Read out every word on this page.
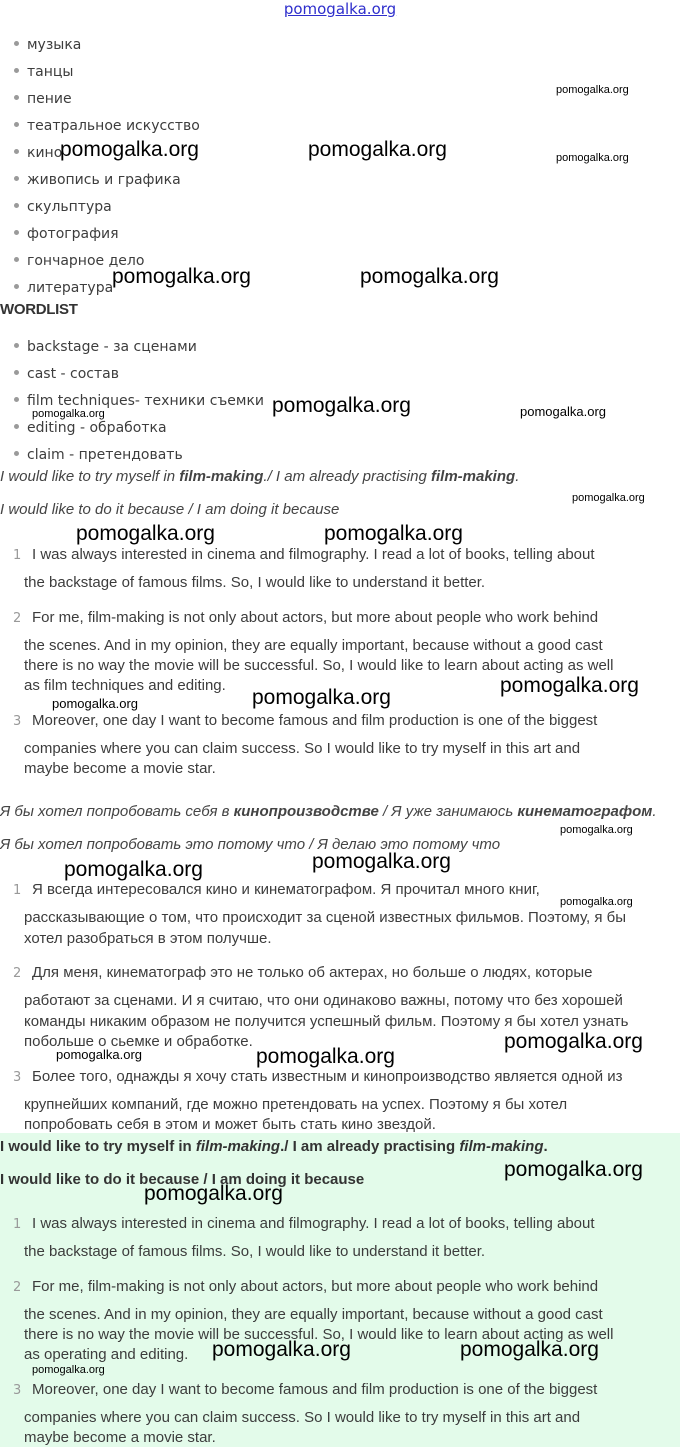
pomogalka.org
музыка
танцы
пение
театральное искусство
кино
живопись и графика
скульптура
фотография
гончарное дело
литература
WORDLIST
backstage - за сценами
cast - состав
film techniques- техники съемки
editing - обработка
claim - претендовать
I would like to try myself in film-making./ I am already practising film-making.
I would like to do it because / I am doing it because
1 I was always interested in cinema and filmography. I read a lot of books, telling about
the backstage of famous films. So, I would like to understand it better.
2 For me, film-making is not only about actors, but more about people who work behind
the scenes. And in my opinion, they are equally important, because without a good cast
there is no way the movie will be successful. So, I would like to learn about acting as well
as film techniques and editing.
3 Moreover, one day I want to become famous and film production is one of the biggest
companies where you can claim success. So I would like to try myself in this art and
maybe become a movie star.
Я бы хотел попробовать себя в кинопроизводстве / Я уже занимаюсь кинематографом.
Я бы хотел попробовать это потому что / Я делаю это потому что
1 Я всегда интересовался кино и кинематографом. Я прочитал много книг,
рассказывающие о том, что происходит за сценой известных фильмов. Поэтому, я бы
хотел разобраться в этом получше.
2 Для меня, кинематограф это не только об актерах, но больше о людях, которые
работают за сценами. И я считаю, что они одинаково важны, потому что без хорошей
команды никаким образом не получится успешный фильм. Поэтому я бы хотел узнать
побольше о сьемке и обработке.
3 Более того, однажды я хочу стать известным и кинопроизводство является одной из
крупнейших компаний, где можно претендовать на успех. Поэтому я бы хотел
попробовать себя в этом и может быть стать кино звездой.
I would like to try myself in film-making./ I am already practising film-making.
I would like to do it because / I am doing it because
1 I was always interested in cinema and filmography. I read a lot of books, telling about
the backstage of famous films. So, I would like to understand it better.
2 For me, film-making is not only about actors, but more about people who work behind
the scenes. And in my opinion, they are equally important, because without a good cast
there is no way the movie will be successful. So, I would like to learn about acting as well
as operating and editing.
3 Moreover, one day I want to become famous and film production is one of the biggest
companies where you can claim success. So I would like to try myself in this art and
maybe become a movie star.
pomogalka.org
pomogalka.org	pomogalka.org	pomogalka.org
pomogalka.org	pomogalka.org
pomogalka.org	pomogalka.org	pomogalka.org
pomogalka.org
pomogalka.org	pomogalka.org
pomogalka.org	pomogalka.org
pomogalka.org
pomogalka.org
pomogalka.org	pomogalka.org
pomogalka.org
pomogalka.org	pomogalka.org
pomogalka.org
pomogalka.org
pomogalka.org
pomogalka.org
pomogalka.org	pomogalka.org
